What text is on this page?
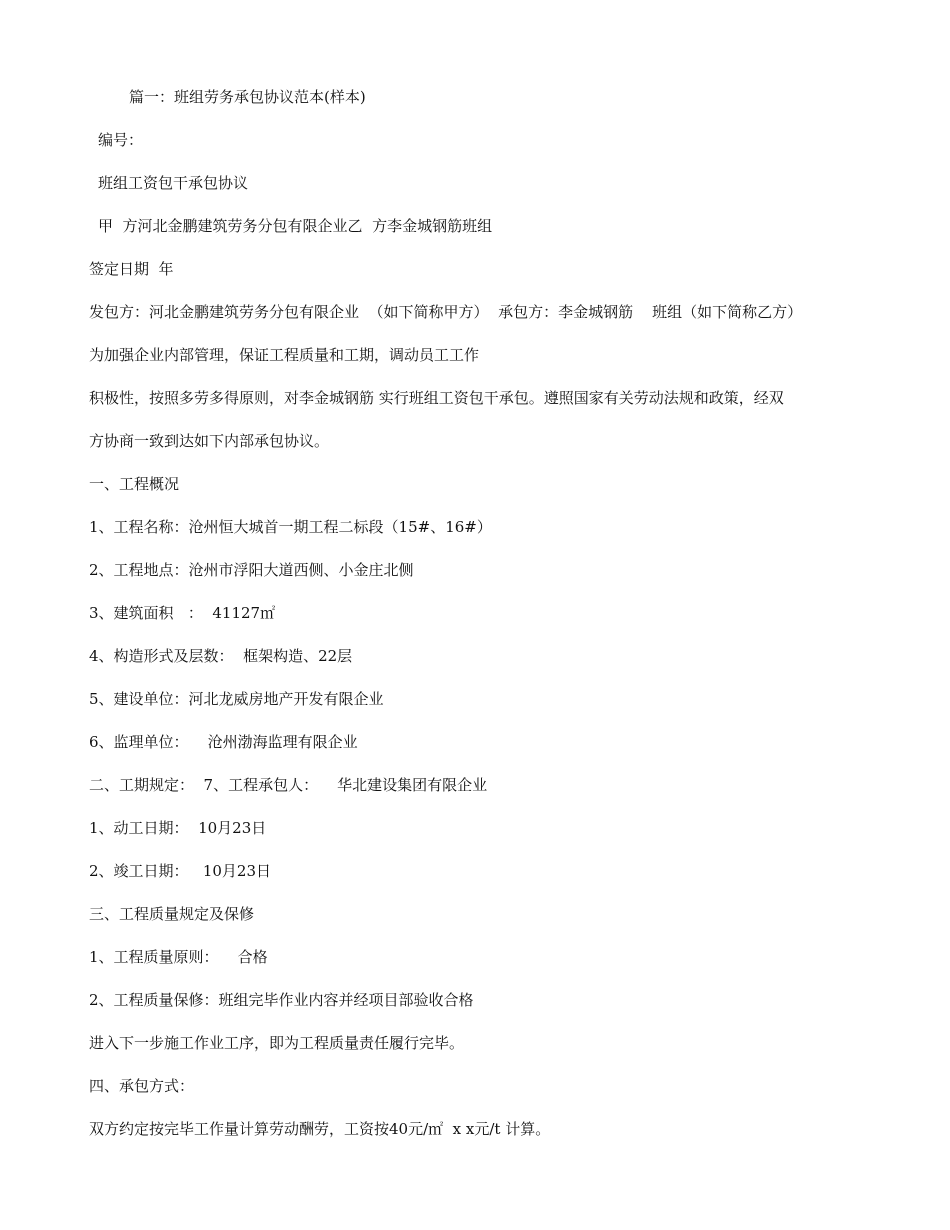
篇一：班组劳务承包协议范本(样本)
编号：
班组工资包干承包协议
甲  方河北金鹏建筑劳务分包有限企业乙  方李金城钢筋班组
签定日期  年
发包方：河北金鹏建筑劳务分包有限企业  （如下简称甲方）  承包方：李金城钢筋    班组（如下简称乙方）
为加强企业内部管理，保证工程质量和工期，调动员工工作
积极性，按照多劳多得原则，对李金城钢筋 实行班组工资包干承包。遵照国家有关劳动法规和政策，经双
方协商一致到达如下内部承包协议。
一、工程概况
1、工程名称：沧州恒大城首一期工程二标段（15#、16#）
2、工程地点：沧州市浮阳大道西侧、小金庄北侧
3、建筑面积   ：  41127㎡
4、构造形式及层数：  框架构造、22层
5、建设单位：河北龙威房地产开发有限企业
6、监理单位：    沧州渤海监理有限企业
二、工期规定：  7、工程承包人：    华北建设集团有限企业
1、动工日期：  10月23日
2、竣工日期：   10月23日
三、工程质量规定及保修
1、工程质量原则：    合格
2、工程质量保修：班组完毕作业内容并经项目部验收合格
进入下一步施工作业工序，即为工程质量责任履行完毕。
四、承包方式：
双方约定按完毕工作量计算劳动酬劳，工资按40元/㎡  x x元/t 计算。
